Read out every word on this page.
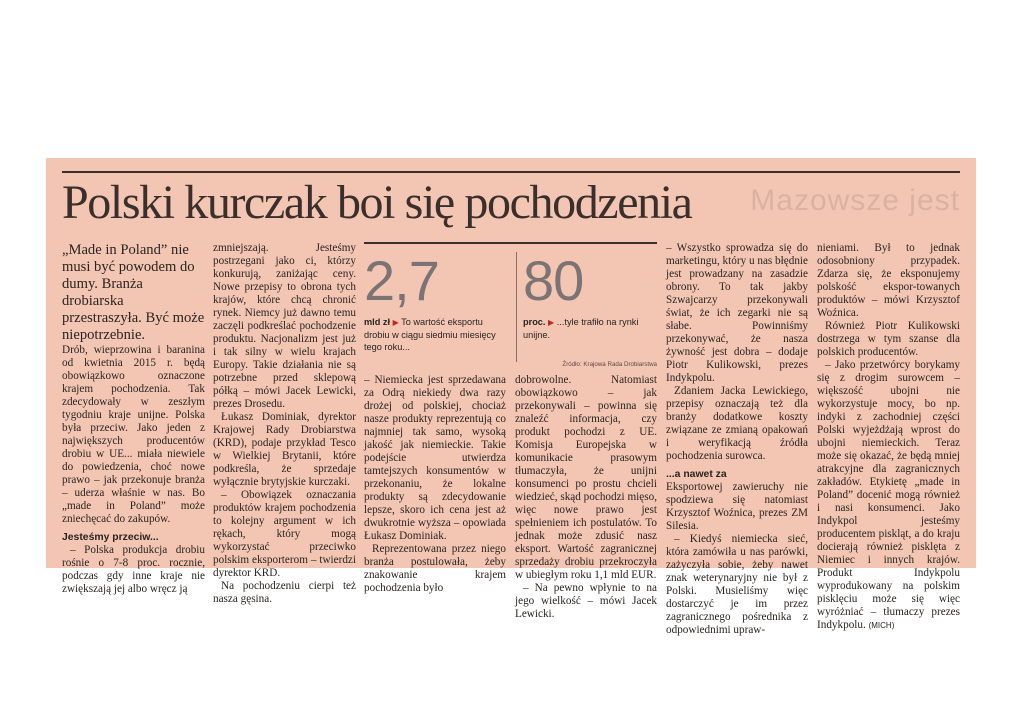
Mazowsze jest
Polski kurczak boi się pochodzenia

„Made in Poland” nie musi być powodem do dumy. Branża drobiarska przestraszyła. Być może niepotrzebnie.

Drób, wieprzowina i baranina od kwietnia 2015 r. będą obowiązkowo oznaczone krajem pochodzenia. Tak zdecydowały w zeszłym tygodniu kraje unijne. Polska była przeciw. Jako jeden z największych producentów drobiu w UE... miała niewiele do powiedzenia, choć nowe prawo – jak przekonuje branża – uderza właśnie w nas. Bo „made in Poland” może zniechęcać do zakupów.

Jesteśmy przeciw...

– Polska produkcja drobiu rośnie o 7-8 proc. rocznie, podczas gdy inne kraje nie zwiększają jej albo wręcz ją

zmniejszają. Jesteśmy postrzegani jako ci, którzy konkurują, zaniżając ceny. Nowe przepisy to obrona tych krajów, które chcą chronić rynek. Niemcy już dawno temu zaczęli podkreślać pochodzenie produktu. Nacjonalizm jest już i tak silny w wielu krajach Europy. Takie działania nie są potrzebne przed sklepową półką – mówi Jacek Lewicki, prezes Drosedu.

Łukasz Dominiak, dyrektor Krajowej Rady Drobiarstwa (KRD), podaje przykład Tesco w Wielkiej Brytanii, które podkreśla, że sprzedaje wyłącznie brytyjskie kurczaki.

– Obowiązek oznaczania produktów krajem pochodzenia to kolejny argument w ich rękach, który mogą wykorzystać przeciwko polskim eksporterom – twierdzi dyrektor KRD.

Na pochodzeniu cierpi też nasza gęsina.

2,7
mld zł ▶ To wartość eksportu drobiu w ciągu siedmiu miesięcy tego roku...
80
proc. ▶ ...tyle trafiło na rynki unijne.
Źródło: Krajowa Rada Drobiarstwa

– Niemiecka jest sprzedawana za Odrą niekiedy dwa razy drożej od polskiej, chociaż nasze produkty reprezentują co najmniej tak samo, wysoką jakość jak niemieckie. Takie podejście utwierdza tamtejszych konsumentów w przekonaniu, że lokalne produkty są zdecydowanie lepsze, skoro ich cena jest aż dwukrotnie wyższa – opowiada Łukasz Dominiak.

Reprezentowana przez niego branża postulowała, żeby znakowanie krajem pochodzenia było

dobrowolne. Natomiast obowiązkowo – jak przekonywali – powinna się znaleźć informacja, czy produkt pochodzi z UE. Komisja Europejska w komunikacie prasowym tłumaczyła, że unijni konsumenci po prostu chcieli wiedzieć, skąd pochodzi mięso, więc nowe prawo jest spełnieniem ich postulatów. To jednak może zdusić nasz eksport. Wartość zagranicznej sprzedaży drobiu przekroczyła w ubiegłym roku 1,1 mld EUR.

– Na pewno wpłynie to na jego wielkość – mówi Jacek Lewicki.

– Wszystko sprowadza się do marketingu, który u nas błędnie jest prowadzany na zasadzie obrony. To tak jakby Szwajcarzy przekonywali świat, że ich zegarki nie są słabe. Powinniśmy przekonywać, że nasza żywność jest dobra – dodaje Piotr Kulikowski, prezes Indykpolu.

Zdaniem Jacka Lewickiego, przepisy oznaczają też dla branży dodatkowe koszty związane ze zmianą opakowań i weryfikacją źródła pochodzenia surowca.

...a nawet za

Eksportowej zawieruchy nie spodziewa się natomiast Krzysztof Woźnica, prezes ZM Silesia.

– Kiedyś niemiecka sieć, która zamówiła u nas parówki, zażyczyła sobie, żeby nawet znak weterynaryjny nie był z Polski. Musieliśmy więc dostarczyć je im przez zagranicznego pośrednika z odpowiednimi upraw-

nieniami. Był to jednak odosobniony przypadek. Zdarza się, że eksponujemy polskość ekspor-towanych produktów – mówi Krzysztof Woźnica.

Również Piotr Kulikowski dostrzega w tym szanse dla polskich producentów.

– Jako przetwórcy borykamy się z drogim surowcem – większość ubojni nie wykorzystuje mocy, bo np. indyki z zachodniej części Polski wyjeżdżają wprost do ubojni niemieckich. Teraz może się okazać, że będą mniej atrakcyjne dla zagranicznych zakładów. Etykietę „made in Poland” docenić mogą również i nasi konsumenci. Jako Indykpol jesteśmy producentem piskląt, a do kraju docierają również pisklęta z Niemiec i innych krajów. Produkt Indykpolu wyprodukowany na polskim pisklęciu może się więc wyróżniać – tłumaczy prezes Indykpolu. (MICH)
